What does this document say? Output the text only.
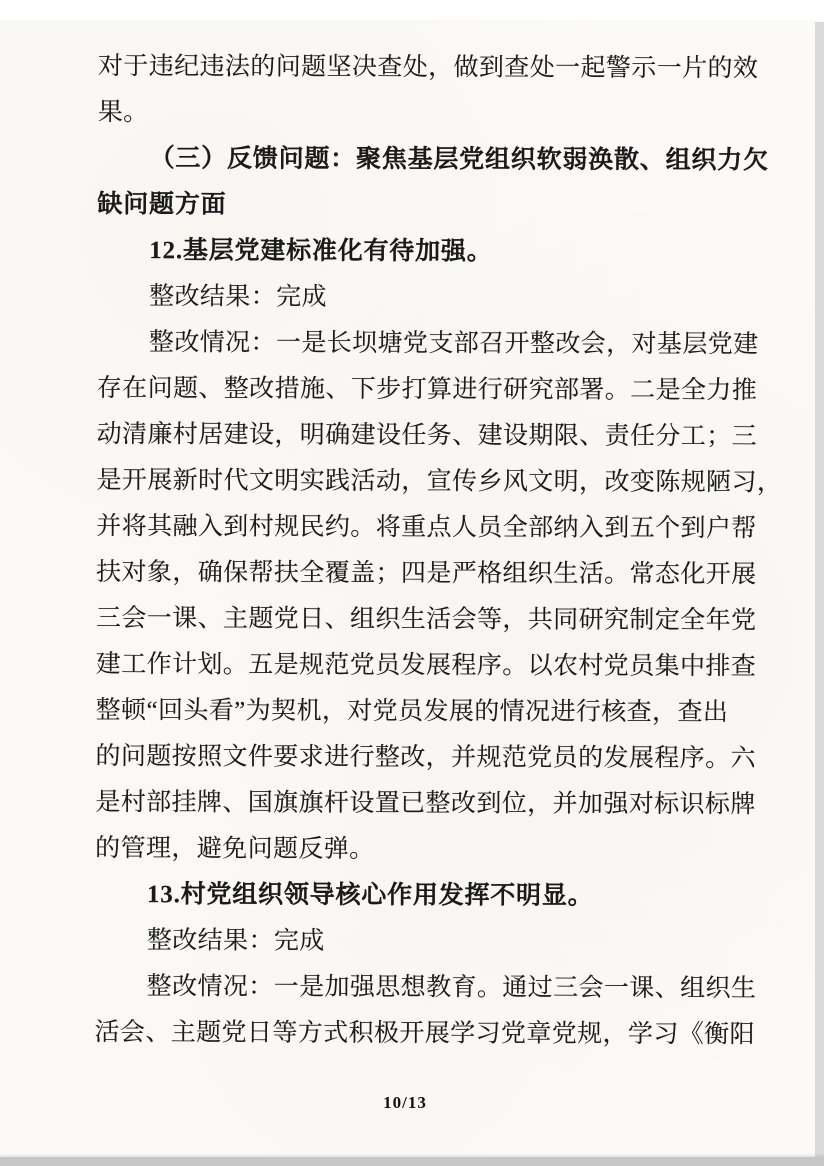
对于违纪违法的问题坚决查处，做到查处一起警示一片的效
果。
（三）反馈问题：聚焦基层党组织软弱涣散、组织力欠
缺问题方面
12.基层党建标准化有待加强。
整改结果：完成
整改情况：一是长坝塘党支部召开整改会，对基层党建
存在问题、整改措施、下步打算进行研究部署。二是全力推
动清廉村居建设，明确建设任务、建设期限、责任分工；三
是开展新时代文明实践活动，宣传乡风文明，改变陈规陋习，
并将其融入到村规民约。将重点人员全部纳入到五个到户帮
扶对象，确保帮扶全覆盖；四是严格组织生活。常态化开展
三会一课、主题党日、组织生活会等，共同研究制定全年党
建工作计划。五是规范党员发展程序。以农村党员集中排查
整顿“回头看”为契机，对党员发展的情况进行核查，查出
的问题按照文件要求进行整改，并规范党员的发展程序。六
是村部挂牌、国旗旗杆设置已整改到位，并加强对标识标牌
的管理，避免问题反弹。
13.村党组织领导核心作用发挥不明显。
整改结果：完成
整改情况：一是加强思想教育。通过三会一课、组织生
活会、主题党日等方式积极开展学习党章党规，学习《衡阳
10/13
